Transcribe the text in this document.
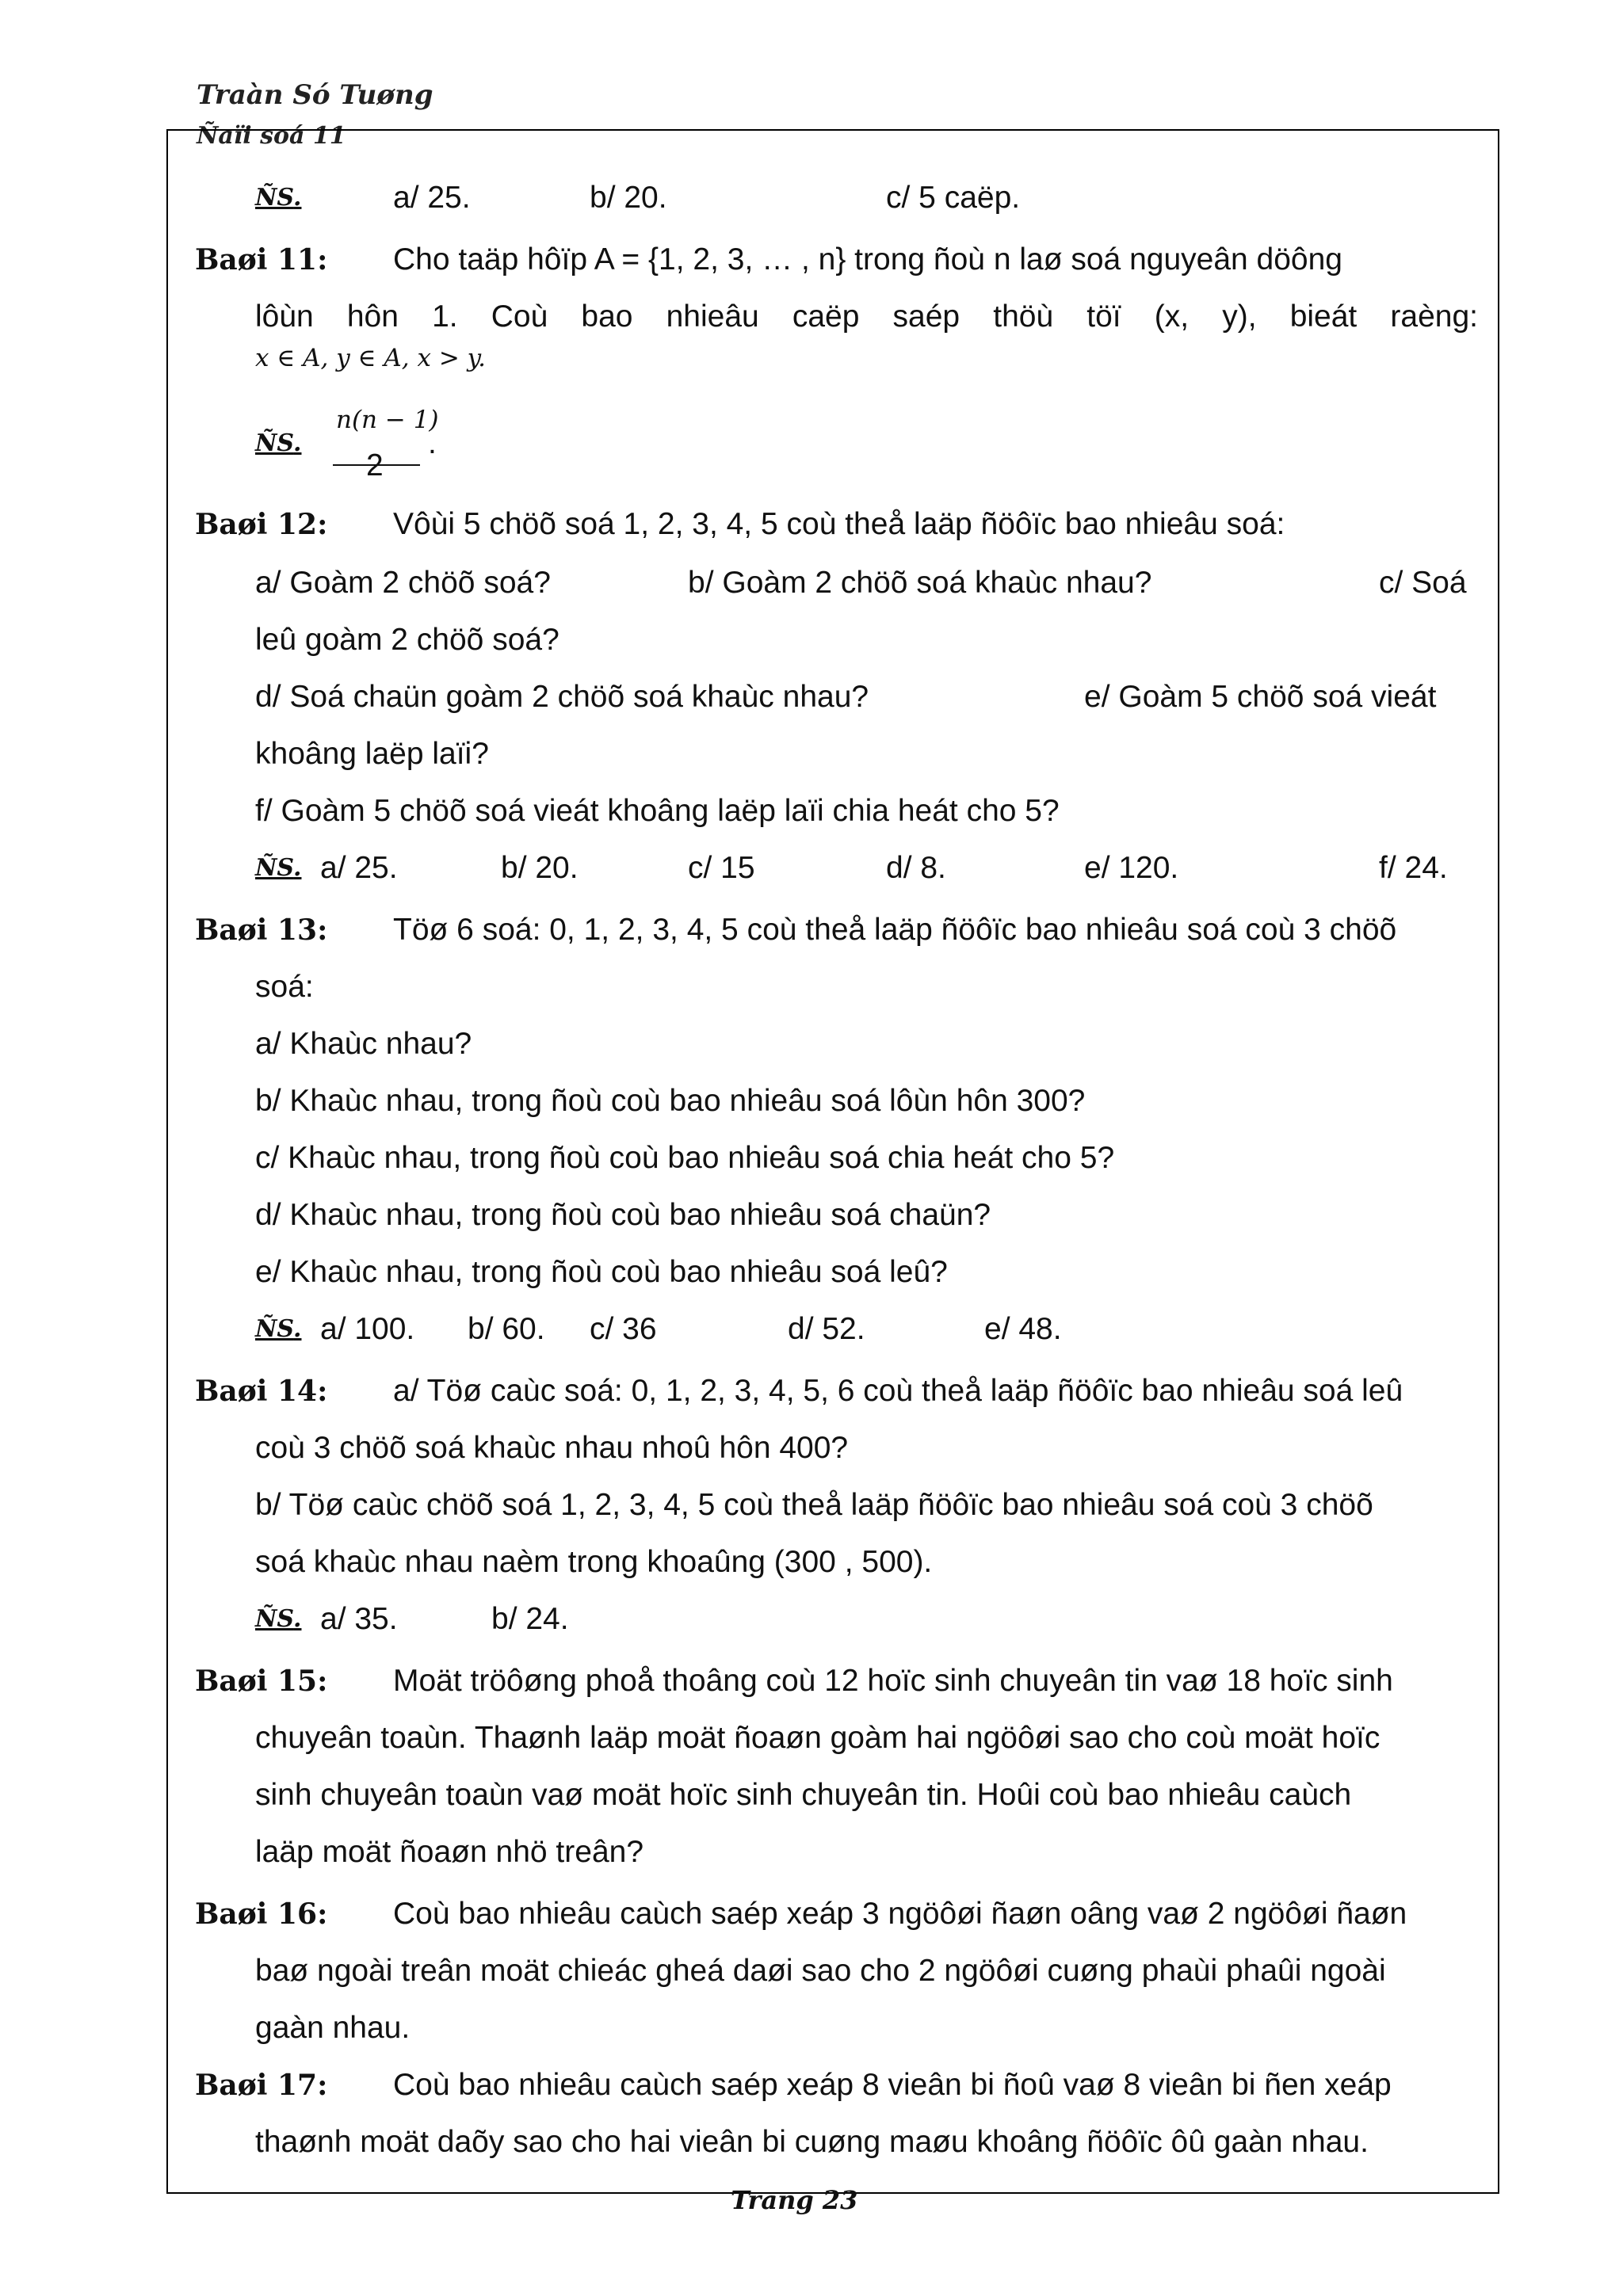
Traàn Só Tuøng
Ñaïi soá 11
ÑS.	a/ 25.	b/ 20.	c/ 5 caëp.
Baøi 11: Cho taäp hôïp A = {1, 2, 3, … , n} trong ñoù n laø soá nguyeân döông
lôùn hôn 1. Coù bao nhieâu caëp saép thöù töï (x, y), bieát raèng:
x ∈ A, y ∈ A, x > y.
ÑS.
n(n − 1)
2
.
Baøi 12: Vôùi 5 chöõ soá 1, 2, 3, 4, 5 coù theå laäp ñöôïc bao nhieâu soá:
a/ Goàm 2 chöõ soá?	b/ Goàm 2 chöõ soá khaùc nhau?	c/ Soá
leû goàm 2 chöõ soá?
d/ Soá chaün goàm 2 chöõ soá khaùc nhau?	e/ Goàm 5 chöõ soá vieát
khoâng laëp laïi?
f/ Goàm 5 chöõ soá vieát khoâng laëp laïi chia heát cho 5?
ÑS. a/ 25.	b/ 20.	c/ 15	d/ 8.	e/ 120.	f/ 24.
Baøi 13: Töø 6 soá: 0, 1, 2, 3, 4, 5 coù theå laäp ñöôïc bao nhieâu soá coù 3 chöõ
soá:
a/ Khaùc nhau?
b/ Khaùc nhau, trong ñoù coù bao nhieâu soá lôùn hôn 300?
c/ Khaùc nhau, trong ñoù coù bao nhieâu soá chia heát cho 5?
d/ Khaùc nhau, trong ñoù coù bao nhieâu soá chaün?
e/ Khaùc nhau, trong ñoù coù bao nhieâu soá leû?
ÑS. a/ 100. b/ 60. c/ 36	d/ 52.	e/ 48.
Baøi 14: a/ Töø caùc soá: 0, 1, 2, 3, 4, 5, 6 coù theå laäp ñöôïc bao nhieâu soá leû
coù 3 chöõ soá khaùc nhau nhoû hôn 400?
b/ Töø caùc chöõ soá 1, 2, 3, 4, 5 coù theå laäp ñöôïc bao nhieâu soá coù 3 chöõ
soá khaùc nhau naèm trong khoaûng (300 , 500).
ÑS. a/ 35.	b/ 24.
Baøi 15: Moät tröôøng phoå thoâng coù 12 hoïc sinh chuyeân tin vaø 18 hoïc sinh
chuyeân toaùn. Thaønh laäp moät ñoaøn goàm hai ngöôøi sao cho coù moät hoïc
sinh chuyeân toaùn vaø moät hoïc sinh chuyeân tin. Hoûi coù bao nhieâu caùch
laäp moät ñoaøn nhö treân?
Baøi 16: Coù bao nhieâu caùch saép xeáp 3 ngöôøi ñaøn oâng vaø 2 ngöôøi ñaøn
baø ngoài treân moät chieác gheá daøi sao cho 2 ngöôøi cuøng phaùi phaûi ngoài
gaàn nhau.
Baøi 17: Coù bao nhieâu caùch saép xeáp 8 vieân bi ñoû vaø 8 vieân bi ñen xeáp
thaønh moät daõy sao cho hai vieân bi cuøng maøu khoâng ñöôïc ôû gaàn nhau.
Trang 23
